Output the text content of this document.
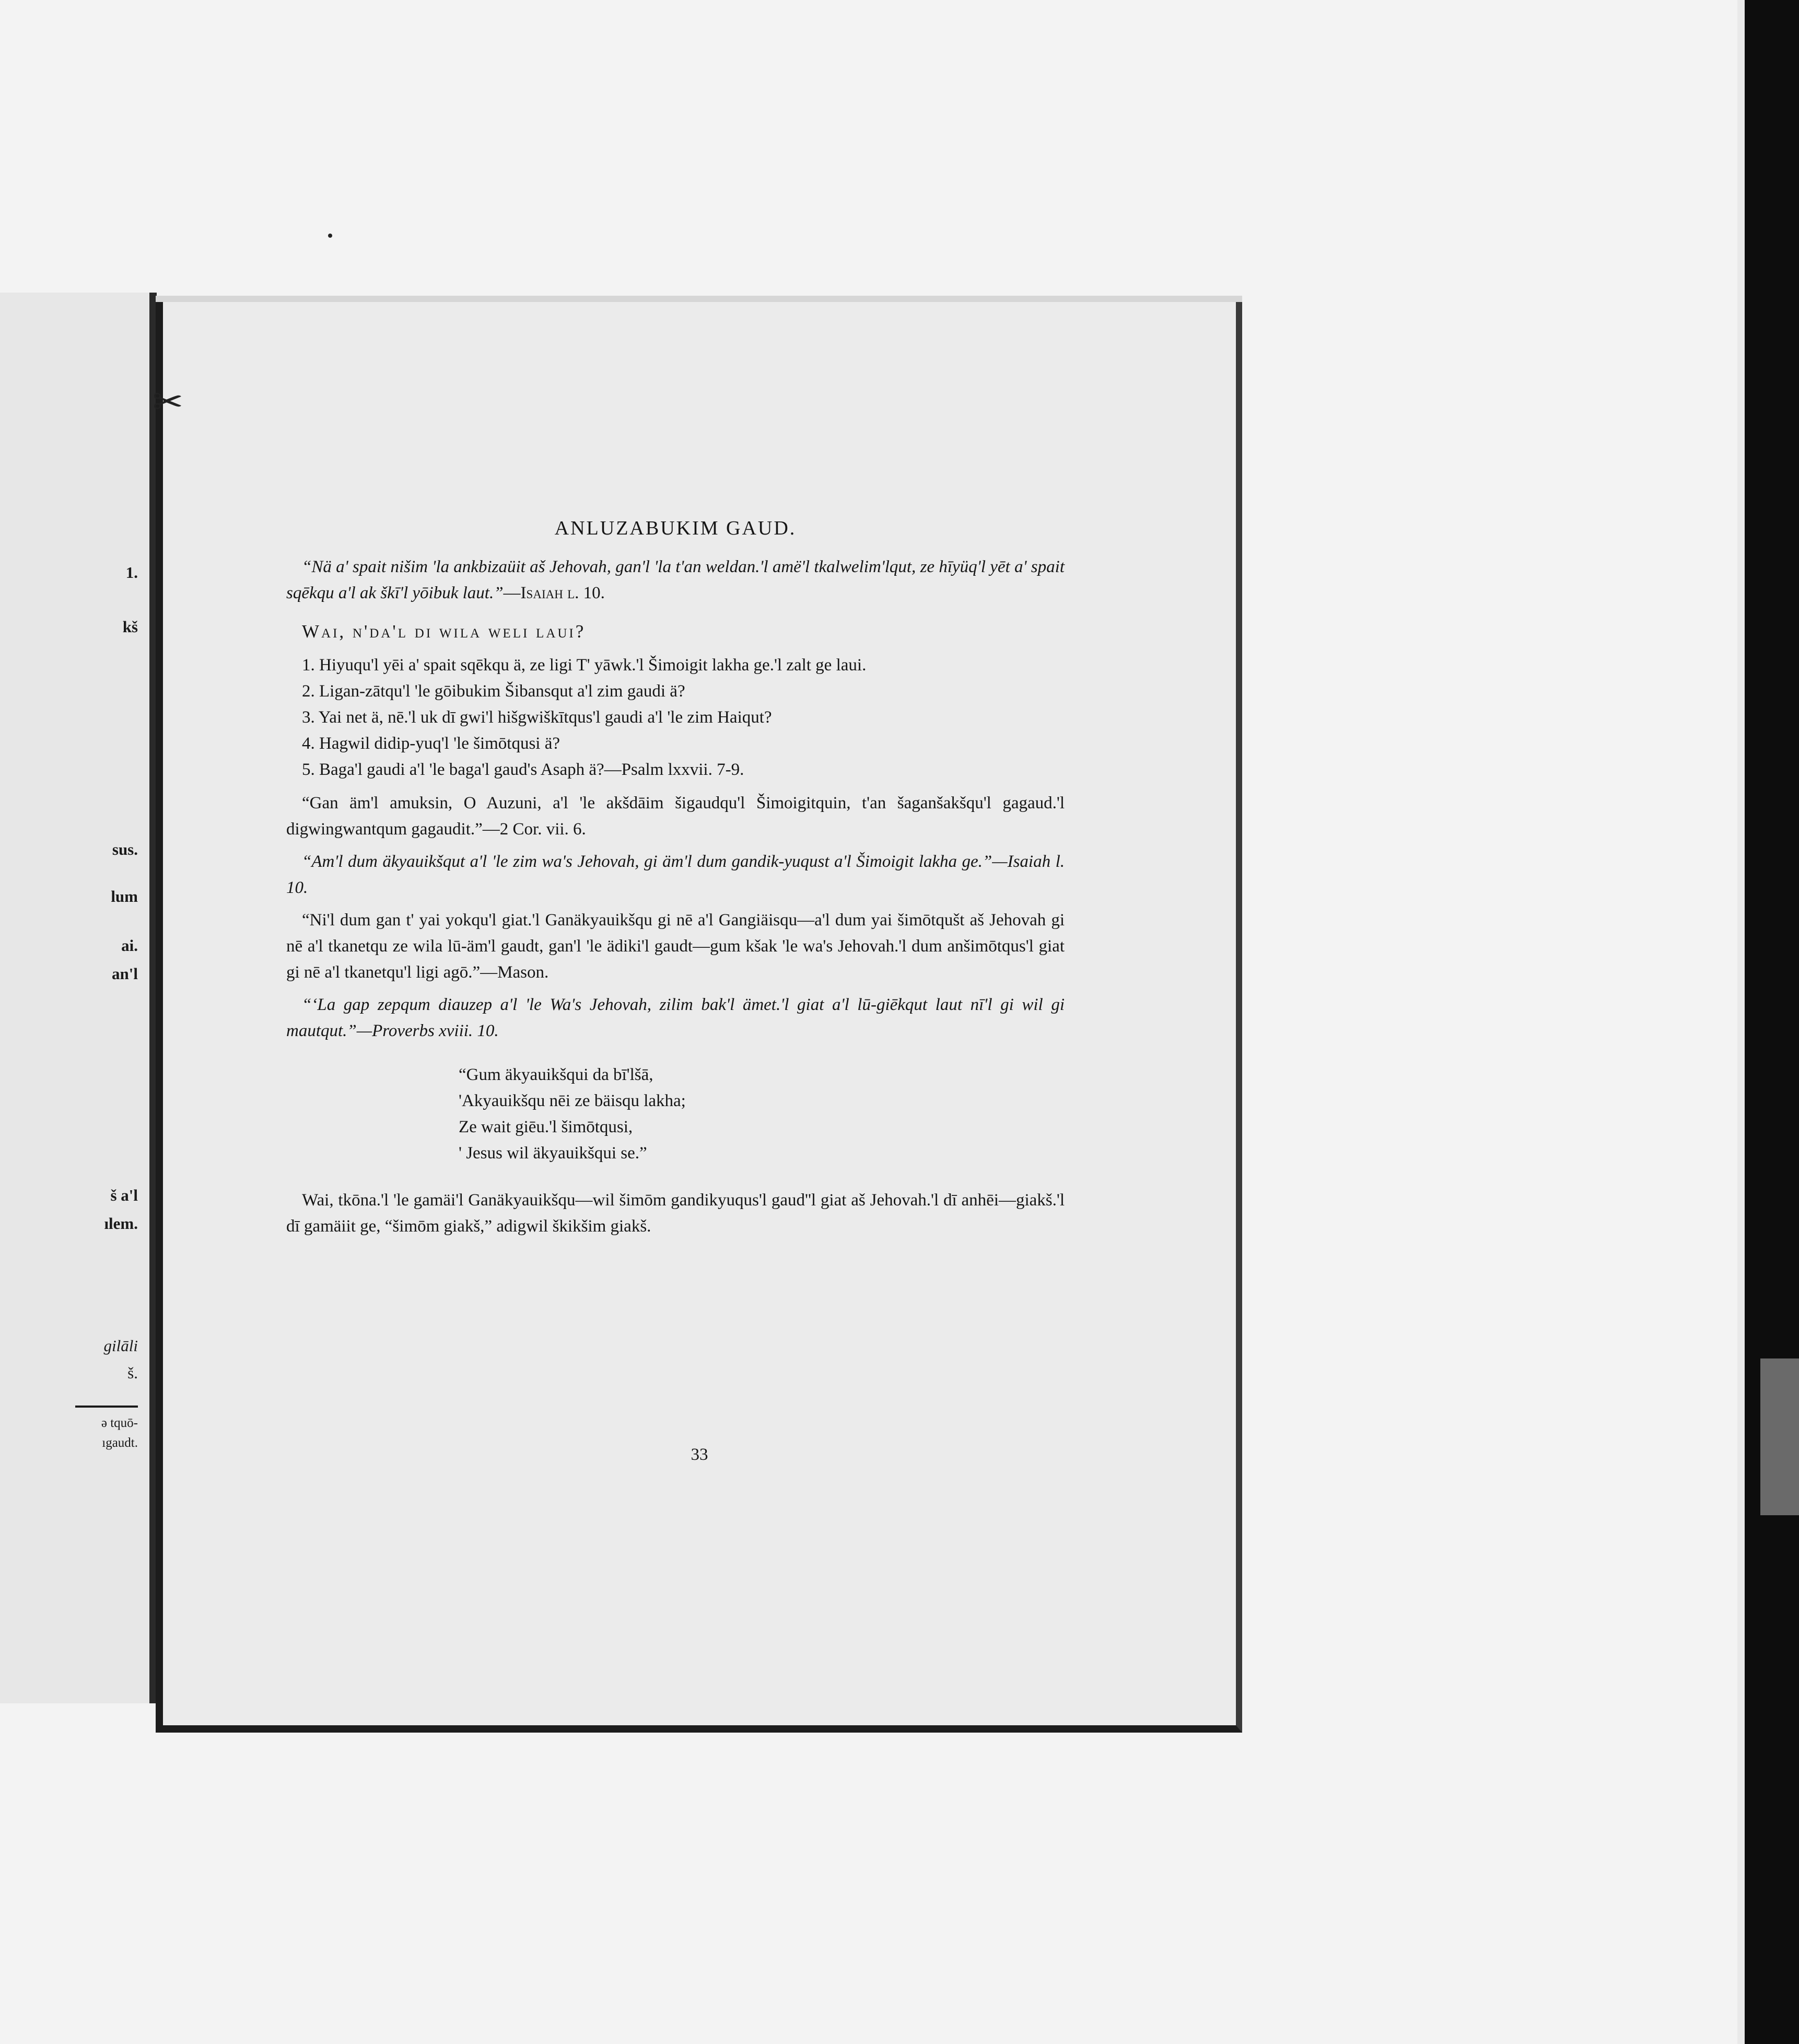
1.
kš
sus.
lum
ai.
an'l
š a'l
ılem.
gilāli
š.
ə tquō-
ıgaudt.
✂
ANLUZABUKIM GAUD.

“Nä a' spait nišim 'la ankbizaüit aš Jehovah, gan'l 'la t'an weldan.'l amë'l tkalwelim'lqut, ze hīyüq'l yēt a' spait sqēkqu a'l ak škī'l yōibuk laut.”—Isaiah l. 10.

Wai, n'da'l di wila weli laui?
1. Hiyuqu'l yēi a' spait sqēkqu ä, ze ligi T' yāwk.'l Šimoigit lakha ge.'l zalt ge laui.
2. Ligan-zātqu'l 'le gōibukim Šibansqut a'l zim gaudi ä?
3. Yai net ä, nē.'l uk dī gwi'l hišgwiškītqus'l gaudi a'l 'le zim Haiqut?
4. Hagwil didip-yuq'l 'le šimōtqusi ä?
5. Baga'l gaudi a'l 'le baga'l gaud's Asaph ä?—Psalm lxxvii. 7-9.

“Gan äm'l amuksin, O Auzuni, a'l 'le akšdāim šigaudqu'l Šimoigitquin, t'an šaganšakšqu'l gagaud.'l digwingwantqum gagaudit.”—2 Cor. vii. 6.

“Am'l dum äkyauikšqut a'l 'le zim wa's Jehovah, gi äm'l dum gandik-yuqust a'l Šimoigit lakha ge.”—Isaiah l. 10.

“Ni'l dum gan t' yai yokqu'l giat.'l Ganäkyauikšqu gi nē a'l Gangiäisqu—a'l dum yai šimōtqušt aš Jehovah gi nē a'l tkanetqu ze wila lū-äm'l gaudt, gan'l 'le ädiki'l gaudt—gum kšak 'le wa's Jehovah.'l dum anšimōtqus'l giat gi nē a'l tkanetqu'l ligi agō.”—Mason.

“‘La gap zepqum diauzep a'l 'le Wa's Jehovah, zilim bak'l ämet.'l giat a'l lū-giēkqut laut nī'l gi wil gi mautqut.”—Proverbs xviii. 10.

“Gum äkyauikšqui da bī'lšā,
'Akyauikšqu nēi ze bäisqu lakha;
Ze wait giēu.'l šimōtqusi,
' Jesus wil äkyauikšqui se.”

Wai, tkōna.'l 'le gamäi'l Ganäkyauikšqu—wil šimōm gandikyuqus'l gaud''l giat aš Jehovah.'l dī anhēi—giakš.'l dī gamäiit ge, “šimōm giakš,” adigwil škikšim giakš.

33
